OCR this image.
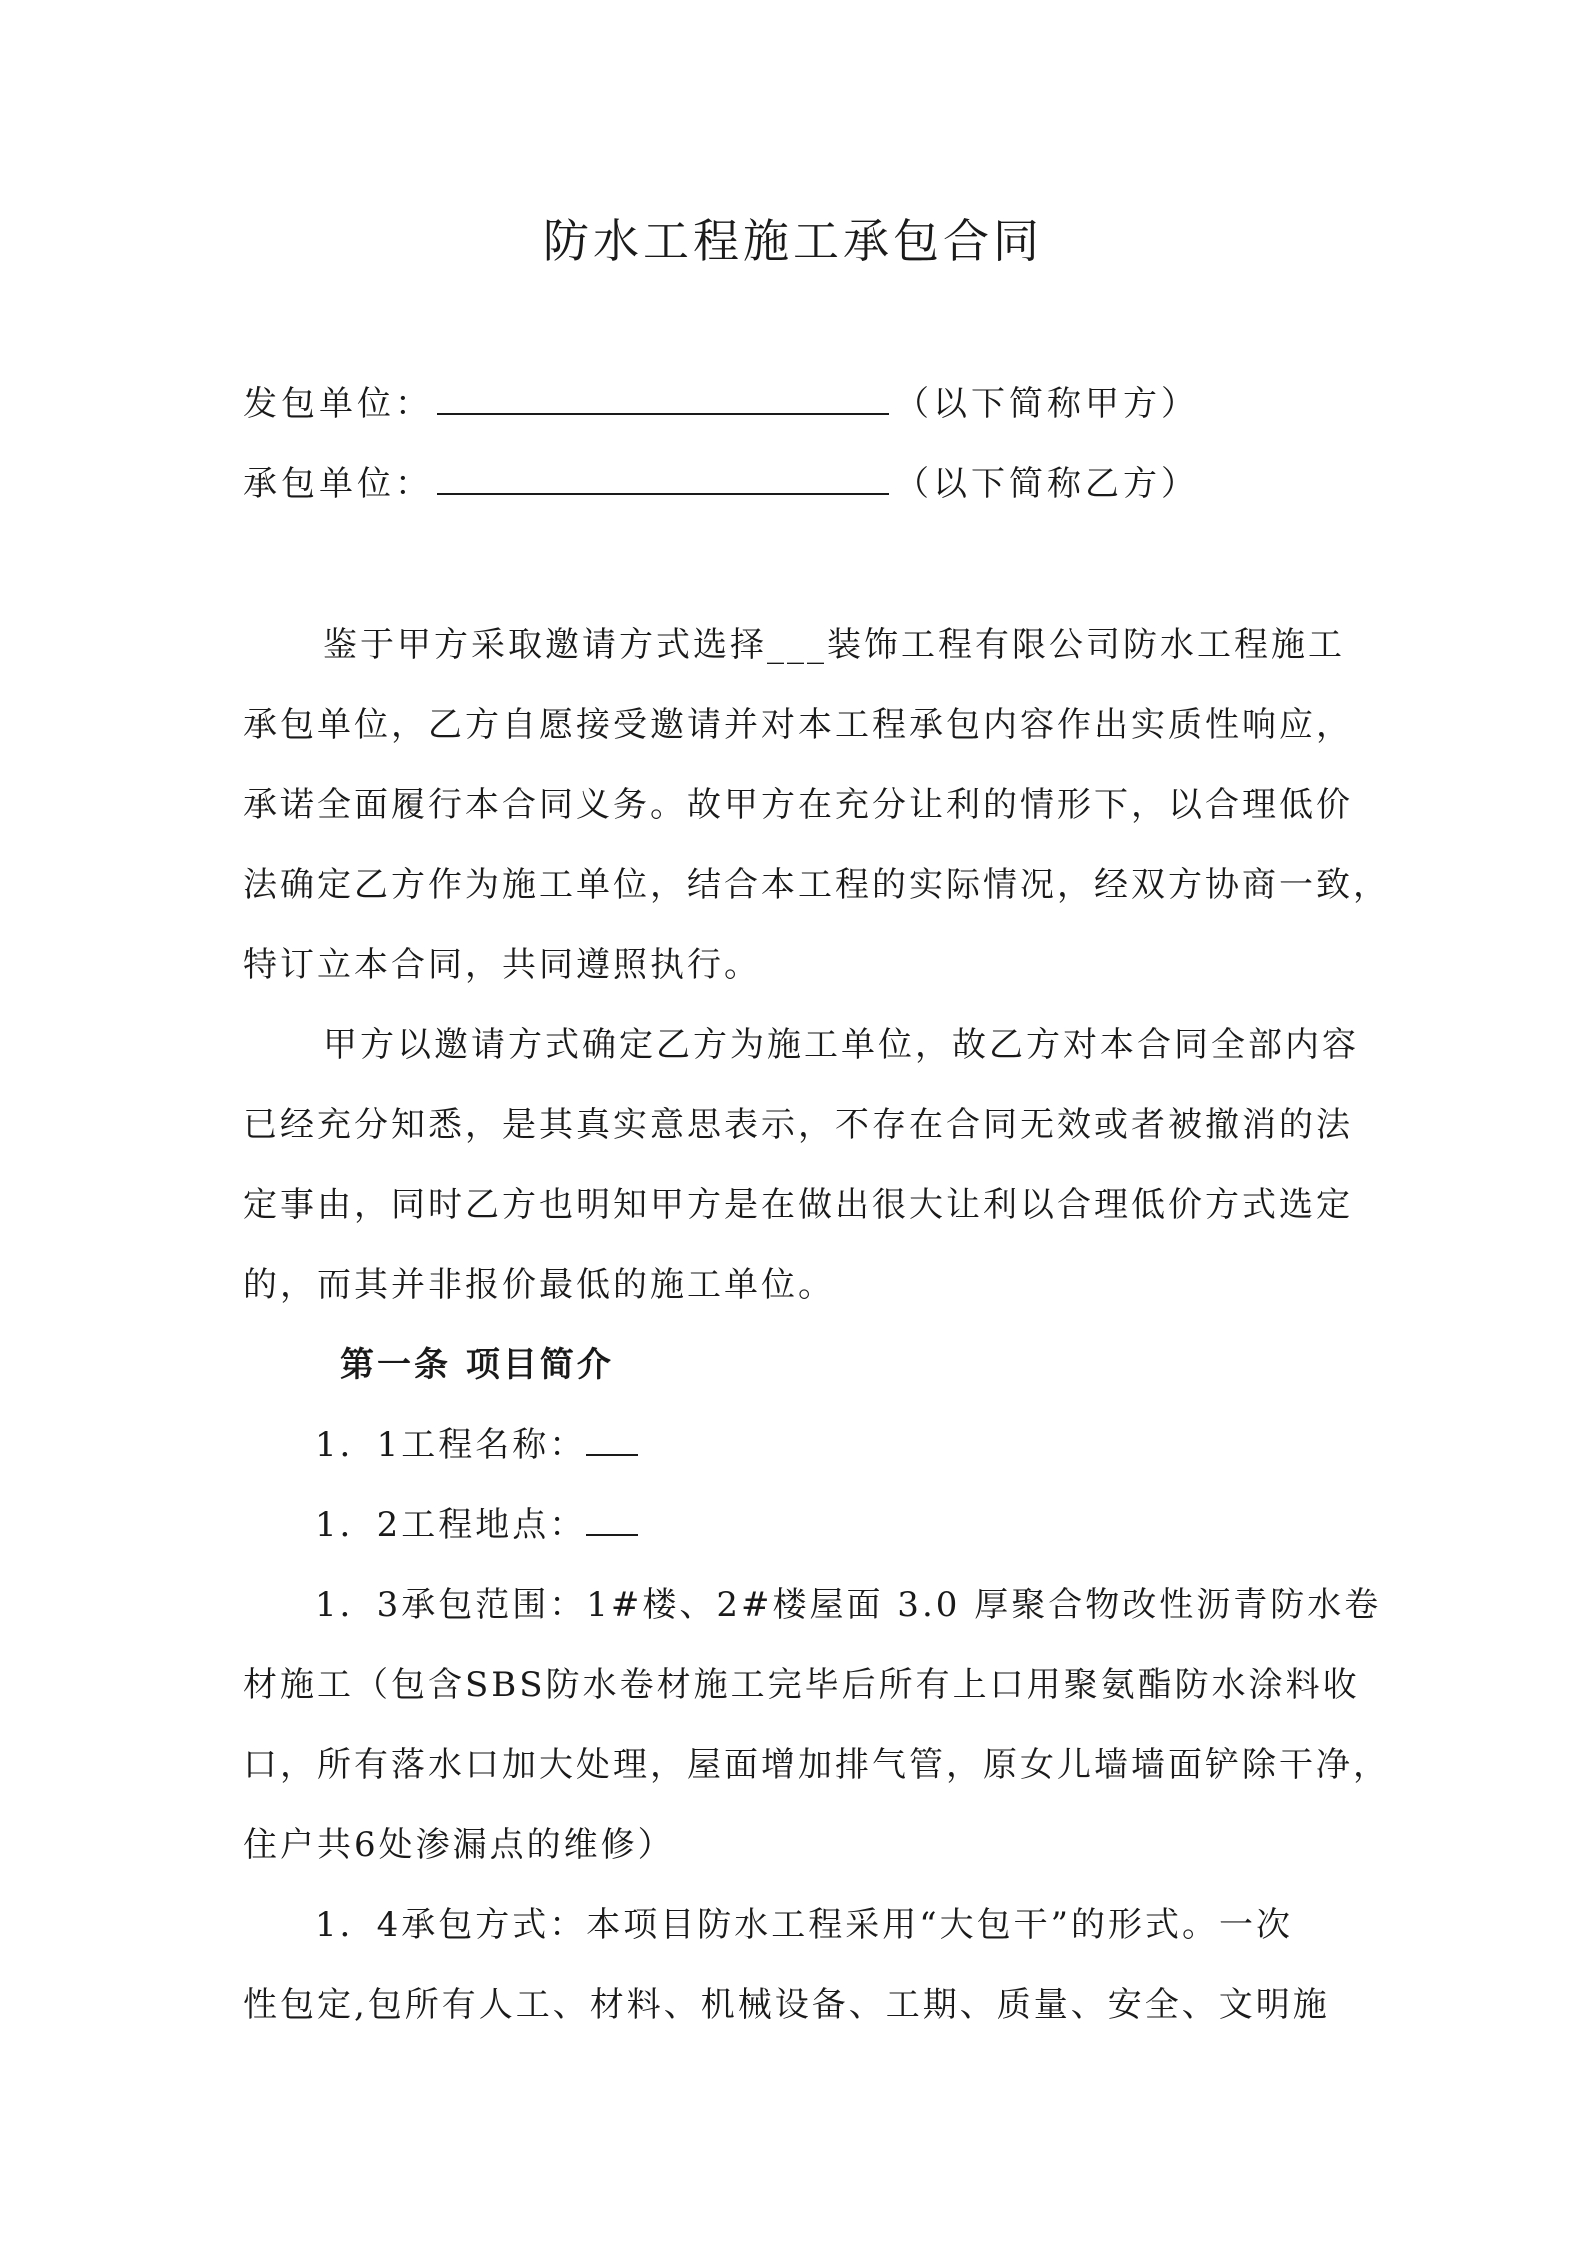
防水工程施工承包合同
发包单位：	（以下简称甲方）
承包单位：	（以下简称乙方）
鉴于甲方采取邀请方式选择___装饰工程有限公司防水工程施工
承包单位，乙方自愿接受邀请并对本工程承包内容作出实质性响应，
承诺全面履行本合同义务。故甲方在充分让利的情形下，以合理低价
法确定乙方作为施工单位，结合本工程的实际情况，经双方协商一致，
特订立本合同，共同遵照执行。
甲方以邀请方式确定乙方为施工单位，故乙方对本合同全部内容
已经充分知悉，是其真实意思表示，不存在合同无效或者被撤消的法
定事由，同时乙方也明知甲方是在做出很大让利以合理低价方式选定
的，而其并非报价最低的施工单位。
第一条 项目简介
1．1工程名称：
1．2工程地点：
1．3承包范围：1#楼、2#楼屋面 3.0 厚聚合物改性沥青防水卷
材施工（包含SBS防水卷材施工完毕后所有上口用聚氨酯防水涂料收
口，所有落水口加大处理，屋面增加排气管，原女儿墙墙面铲除干净，
住户共6处渗漏点的维修）
1．4承包方式：本项目防水工程采用“大包干”的形式。一次
性包定,包所有人工、材料、机械设备、工期、质量、安全、文明施
